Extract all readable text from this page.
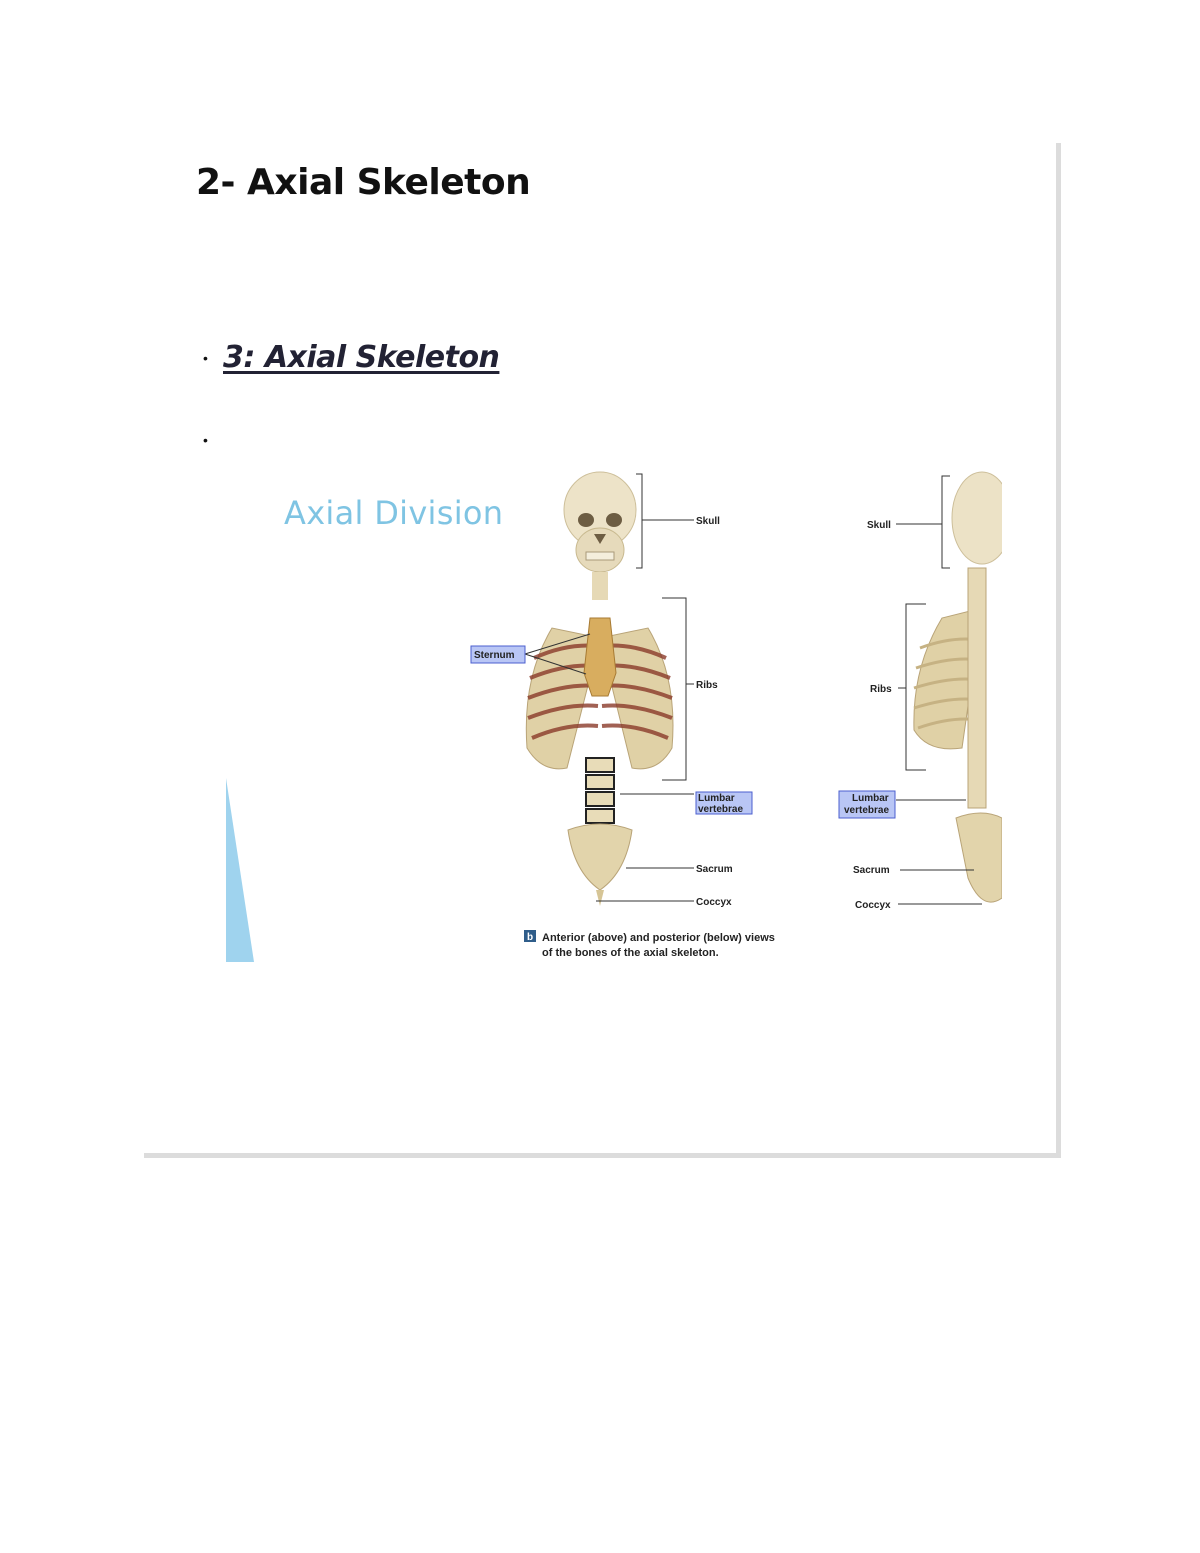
2- Axial Skeleton
• 3: Axial Skeleton
•
Axial Division	Skull
Sternum
Ribs
Lumbar
vertebrae
Sacrum
Coccyx
Skull
Ribs
Lumbar
vertebrae
Sacrum
Coccyx
b Anterior (above) and posterior (below) views
of the bones of the axial skeleton.
